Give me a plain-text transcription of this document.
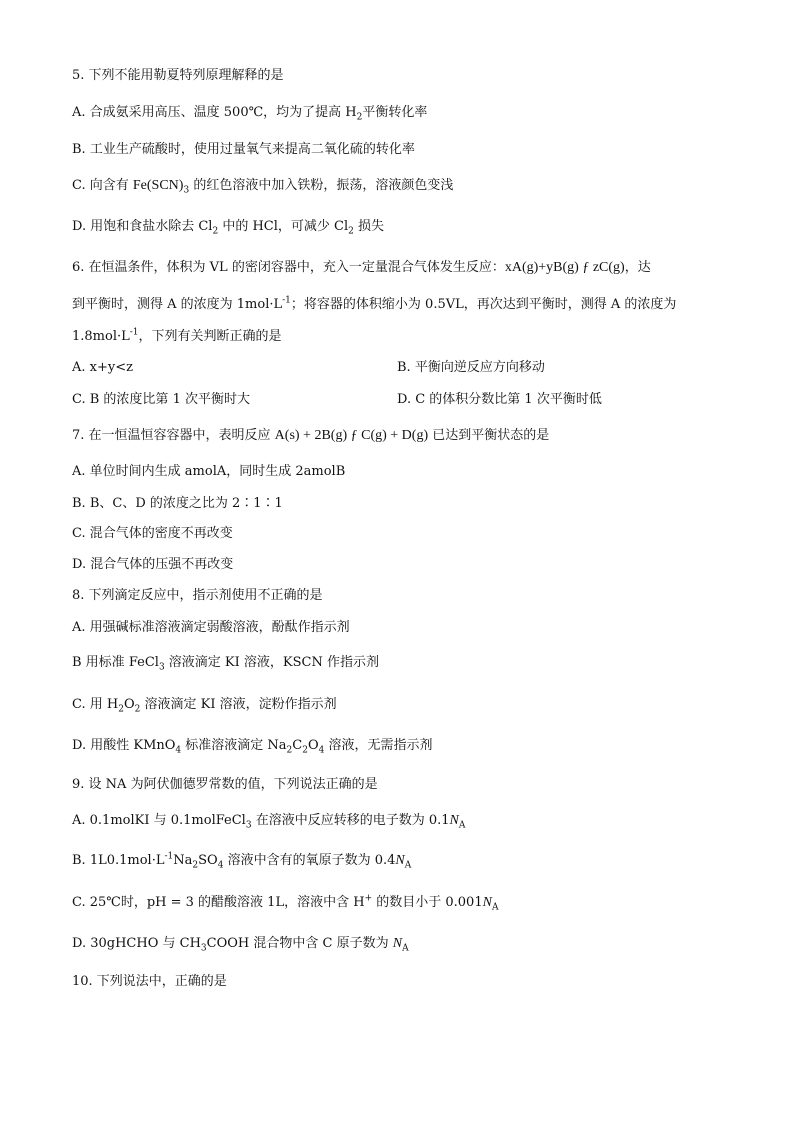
5. 下列不能用勒夏特列原理解释的是
A. 合成氨采用高压、温度 500℃，均为了提高 $H_2$平衡转化率
B. 工业生产硫酸时，使用过量氧气来提高二氧化硫的转化率
C. 向含有 $Fe(SCN)_3$ 的红色溶液中加入铁粉，振荡，溶液颜色变浅
D. 用饱和食盐水除去 $Cl_2$ 中的 HCl，可减少 $Cl_2$ 损失
6. 在恒温条件，体积为 VL 的密闭容器中，充入一定量混合气体发生反应：xA(g)+yB(g) ƒ zC(g)，达
到平衡时，测得 A 的浓度为 $1mol\cdot L^{-1}$；将容器的体积缩小为 0.5VL，再次达到平衡时，测得 A 的浓度为
$1.8mol\cdot L^{-1}$，下列有关判断正确的是
A. x+y<z	B. 平衡向逆反应方向移动
C. B 的浓度比第 1 次平衡时大	D. C 的体积分数比第 1 次平衡时低
7. 在一恒温恒容容器中，表明反应 A(s) + 2B(g) ƒ C(g) + D(g) 已达到平衡状态的是
A. 单位时间内生成 amolA，同时生成 2amolB
B. B、C、D 的浓度之比为 2∶1∶1
C. 混合气体的密度不再改变
D. 混合气体的压强不再改变
8. 下列滴定反应中，指示剂使用不正确的是
A. 用强碱标准溶液滴定弱酸溶液，酚酞作指示剂
B 用标准 FeCl$_3$ 溶液滴定 KI 溶液，KSCN 作指示剂
C. 用 $H_2O_2$ 溶液滴定 KI 溶液，淀粉作指示剂
D. 用酸性 KMnO$_4$ 标准溶液滴定 $Na_2C_2O_4$ 溶液，无需指示剂
9. 设 NA 为阿伏伽德罗常数的值，下列说法正确的是
A. 0.1molKI 与 0.1molFeCl$_3$ 在溶液中反应转移的电子数为 $0.1N_A$
B. $1L0.1mol\cdot L^{-1}Na_2SO_4$ 溶液中含有的氧原子数为 $0.4N_A$
C. 25℃时，pH = 3 的醋酸溶液 1L，溶液中含 H+ 的数目小于 $0.001N_A$
D. 30gHCHO 与 $CH_3COOH$ 混合物中含 C 原子数为 $N_A$
10. 下列说法中，正确的是
